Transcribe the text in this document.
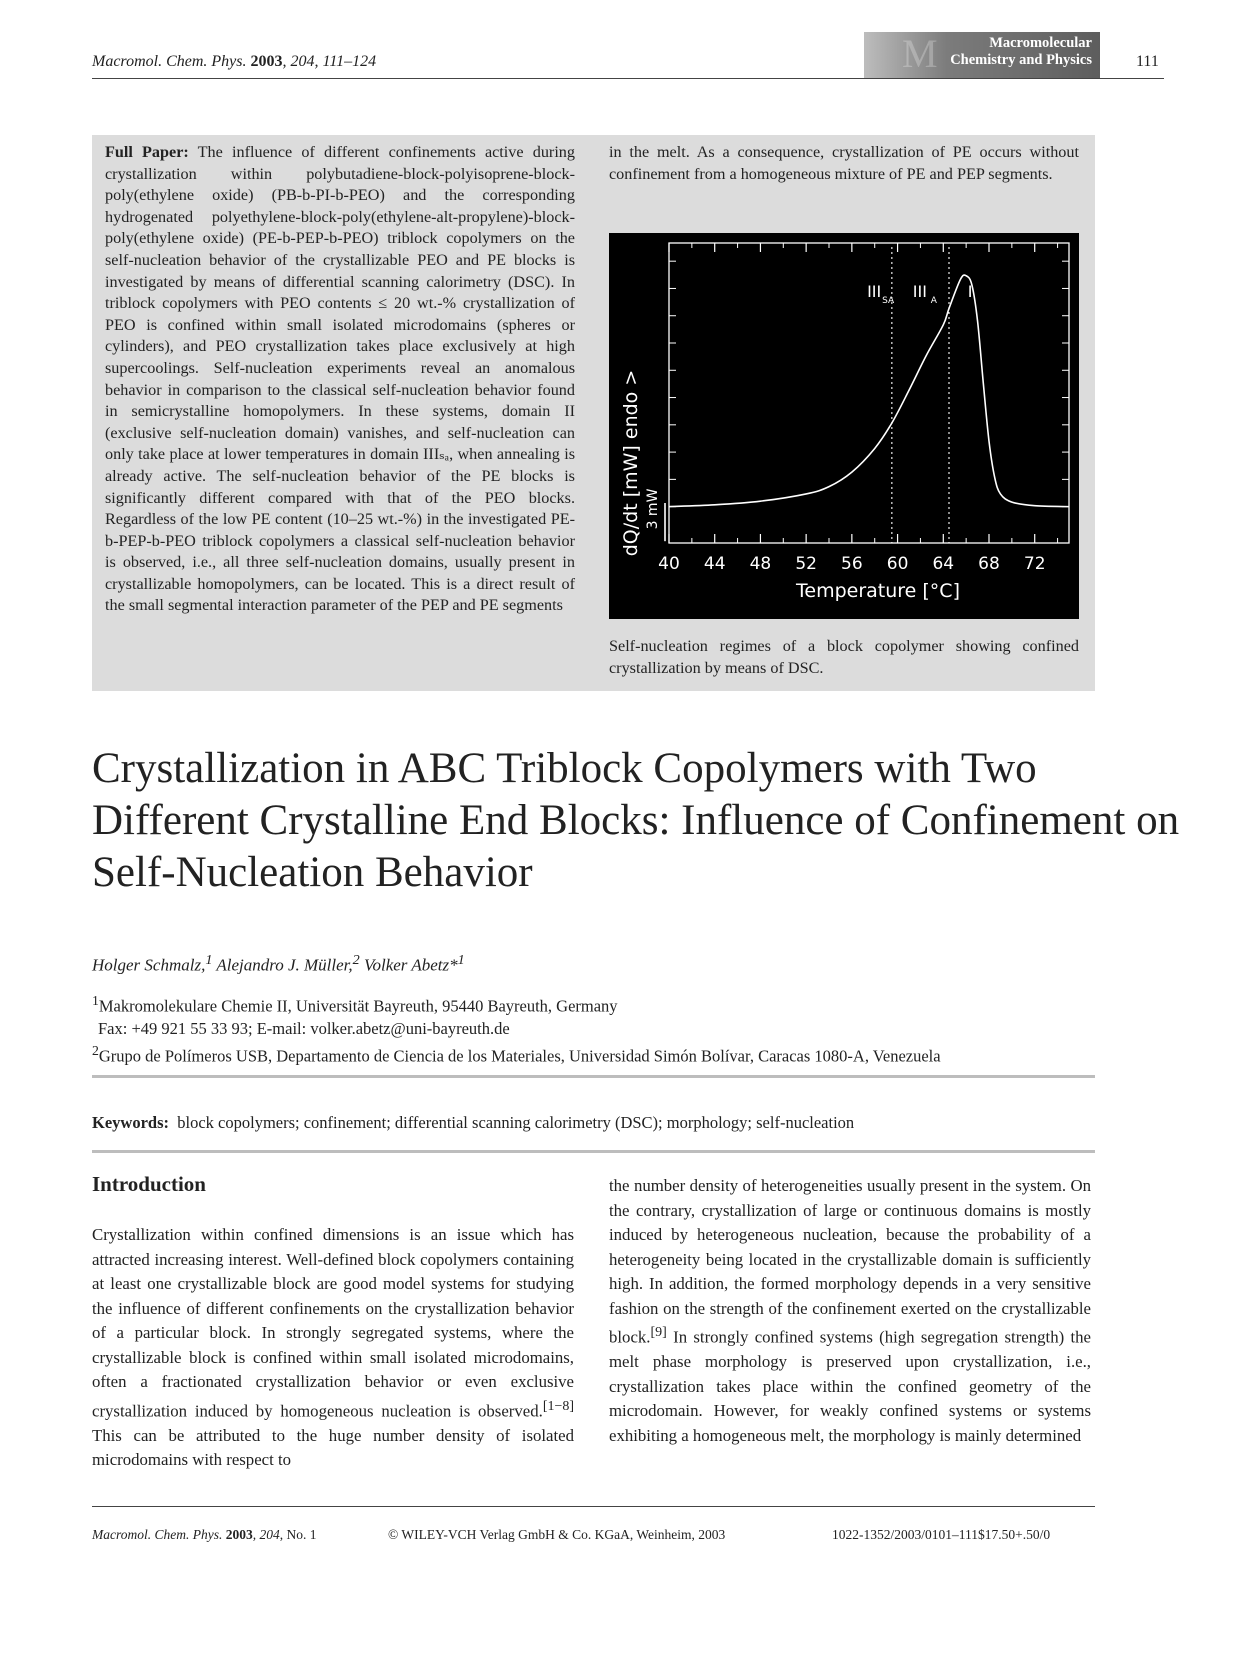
Macromol. Chem. Phys. 2003, 204, 111–124	M	Macromolecular
Chemistry and Physics	111
Full Paper: The influence of different confinements active during crystallization within polybutadiene-block-polyisoprene-block-poly(ethylene oxide) (PB-b-PI-b-PEO) and the corresponding hydrogenated polyethylene-block-poly(ethylene-alt-propylene)-block-poly(ethylene oxide) (PE-b-PEP-b-PEO) triblock copolymers on the self-nucleation behavior of the crystallizable PEO and PE blocks is investigated by means of differential scanning calorimetry (DSC). In triblock copolymers with PEO contents ≤ 20 wt.-% crystallization of PEO is confined within small isolated microdomains (spheres or cylinders), and PEO crystallization takes place exclusively at high supercoolings. Self-nucleation experiments reveal an anomalous behavior in comparison to the classical self-nucleation behavior found in semicrystalline homopolymers. In these systems, domain II (exclusive self-nucleation domain) vanishes, and self-nucleation can only take place at lower temperatures in domain IIIₛₐ, when annealing is already active. The self-nucleation behavior of the PE blocks is significantly different compared with that of the PEO blocks. Regardless of the low PE content (10–25 wt.-%) in the investigated PE-b-PEP-b-PEO triblock copolymers a classical self-nucleation behavior is observed, i.e., all three self-nucleation domains, usually present in crystallizable homopolymers, can be located. This is a direct result of the small segmental interaction parameter of the PEP and PE segments
in the melt. As a consequence, crystallization of PE occurs without confinement from a homogeneous mixture of PE and PEP segments.
40 44 48 52 56 60 64 68 72
III SA III A I
dQ/dt [mW] endo >
Temperature [°C]
3 mW
Self-nucleation regimes of a block copolymer showing confined crystallization by means of DSC.
Crystallization in ABC Triblock Copolymers with Two Different Crystalline End Blocks: Influence of Confinement on Self-Nucleation Behavior
Holger Schmalz,$^1$ Alejandro J. Müller,$^2$ Volker Abetz*$^1$
$^1$Makromolekulare Chemie II, Universität Bayreuth, 95440 Bayreuth, Germany
Fax: +49 921 55 33 93; E-mail: volker.abetz@uni-bayreuth.de
$^2$Grupo de Polímeros USB, Departamento de Ciencia de los Materiales, Universidad Simón Bolívar, Caracas 1080-A, Venezuela
Keywords: block copolymers; confinement; differential scanning calorimetry (DSC); morphology; self-nucleation
Introduction
Crystallization within confined dimensions is an issue which has attracted increasing interest. Well-defined block copolymers containing at least one crystallizable block are good model systems for studying the influence of different confinements on the crystallization behavior of a particular block. In strongly segregated systems, where the crystallizable block is confined within small isolated microdomains, often a fractionated crystallization behavior or even exclusive crystallization induced by homogeneous nucleation is observed.[1−8] This can be attributed to the huge number density of isolated microdomains with respect to
the number density of heterogeneities usually present in the system. On the contrary, crystallization of large or continuous domains is mostly induced by heterogeneous nucleation, because the probability of a heterogeneity being located in the crystallizable domain is sufficiently high. In addition, the formed morphology depends in a very sensitive fashion on the strength of the confinement exerted on the crystallizable block.[9] In strongly confined systems (high segregation strength) the melt phase morphology is preserved upon crystallization, i.e., crystallization takes place within the confined geometry of the microdomain. However, for weakly confined systems or systems exhibiting a homogeneous melt, the morphology is mainly determined
Macromol. Chem. Phys. 2003, 204, No. 1	© WILEY-VCH Verlag GmbH & Co. KGaA, Weinheim, 2003	1022-1352/2003/0101–111$17.50+.50/0
